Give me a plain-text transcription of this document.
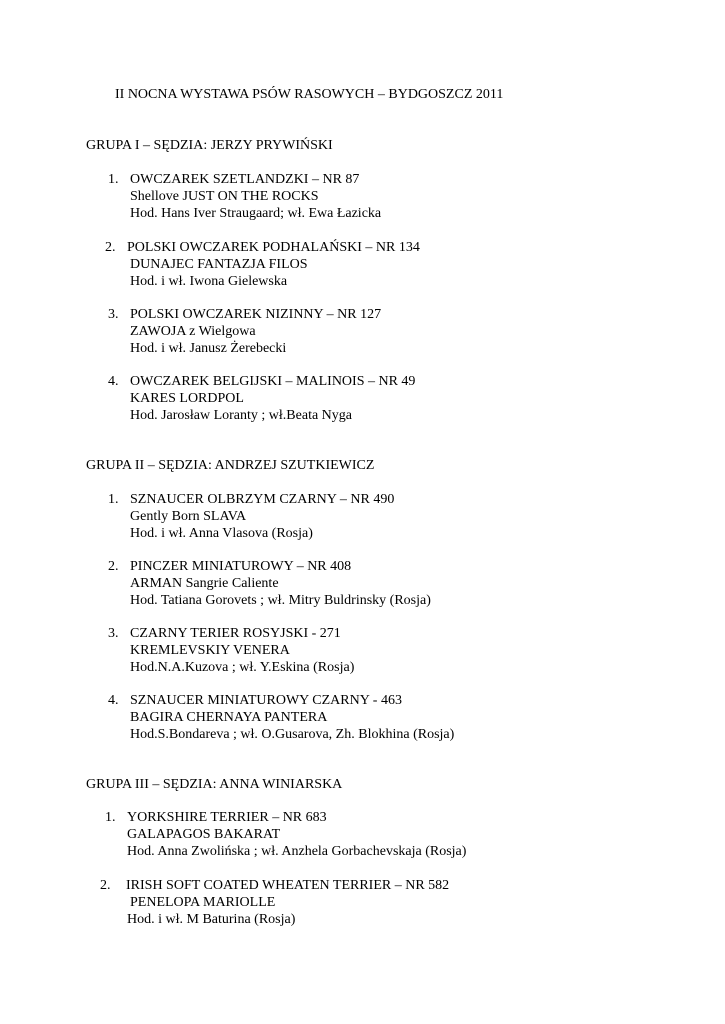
II NOCNA WYSTAWA PSÓW RASOWYCH – BYDGOSZCZ 2011
GRUPA I – SĘDZIA: JERZY PRYWIŃSKI
1. OWCZAREK SZETLANDZKI – NR 87
Shellove JUST ON THE ROCKS
Hod. Hans Iver Straugaard; wł. Ewa Łazicka
2. POLSKI OWCZAREK PODHALAŃSKI – NR 134
DUNAJEC FANTAZJA FILOS
Hod. i wł. Iwona Gielewska
3. POLSKI OWCZAREK NIZINNY – NR 127
ZAWOJA z Wielgowa
Hod. i wł. Janusz Żerebecki
4. OWCZAREK BELGIJSKI – MALINOIS – NR 49
KARES LORDPOL
Hod. Jarosław Loranty ; wł.Beata Nyga
GRUPA II – SĘDZIA: ANDRZEJ SZUTKIEWICZ
1. SZNAUCER OLBRZYM CZARNY – NR 490
Gently Born SLAVA
Hod. i wł. Anna Vlasova (Rosja)
2. PINCZER MINIATUROWY – NR 408
ARMAN Sangrie Caliente
Hod. Tatiana Gorovets ; wł. Mitry Buldrinsky (Rosja)
3. CZARNY TERIER ROSYJSKI - 271
KREMLEVSKIY VENERA
Hod.N.A.Kuzova ; wł. Y.Eskina (Rosja)
4. SZNAUCER MINIATUROWY CZARNY - 463
BAGIRA CHERNAYA PANTERA
Hod.S.Bondareva ; wł. O.Gusarova, Zh. Blokhina (Rosja)
GRUPA III – SĘDZIA: ANNA WINIARSKA
1. YORKSHIRE TERRIER – NR 683
GALAPAGOS BAKARAT
Hod. Anna Zwolińska ; wł. Anzhela Gorbachevskaja (Rosja)
2. IRISH SOFT COATED WHEATEN TERRIER – NR 582
PENELOPA MARIOLLE
Hod. i wł. M Baturina (Rosja)
